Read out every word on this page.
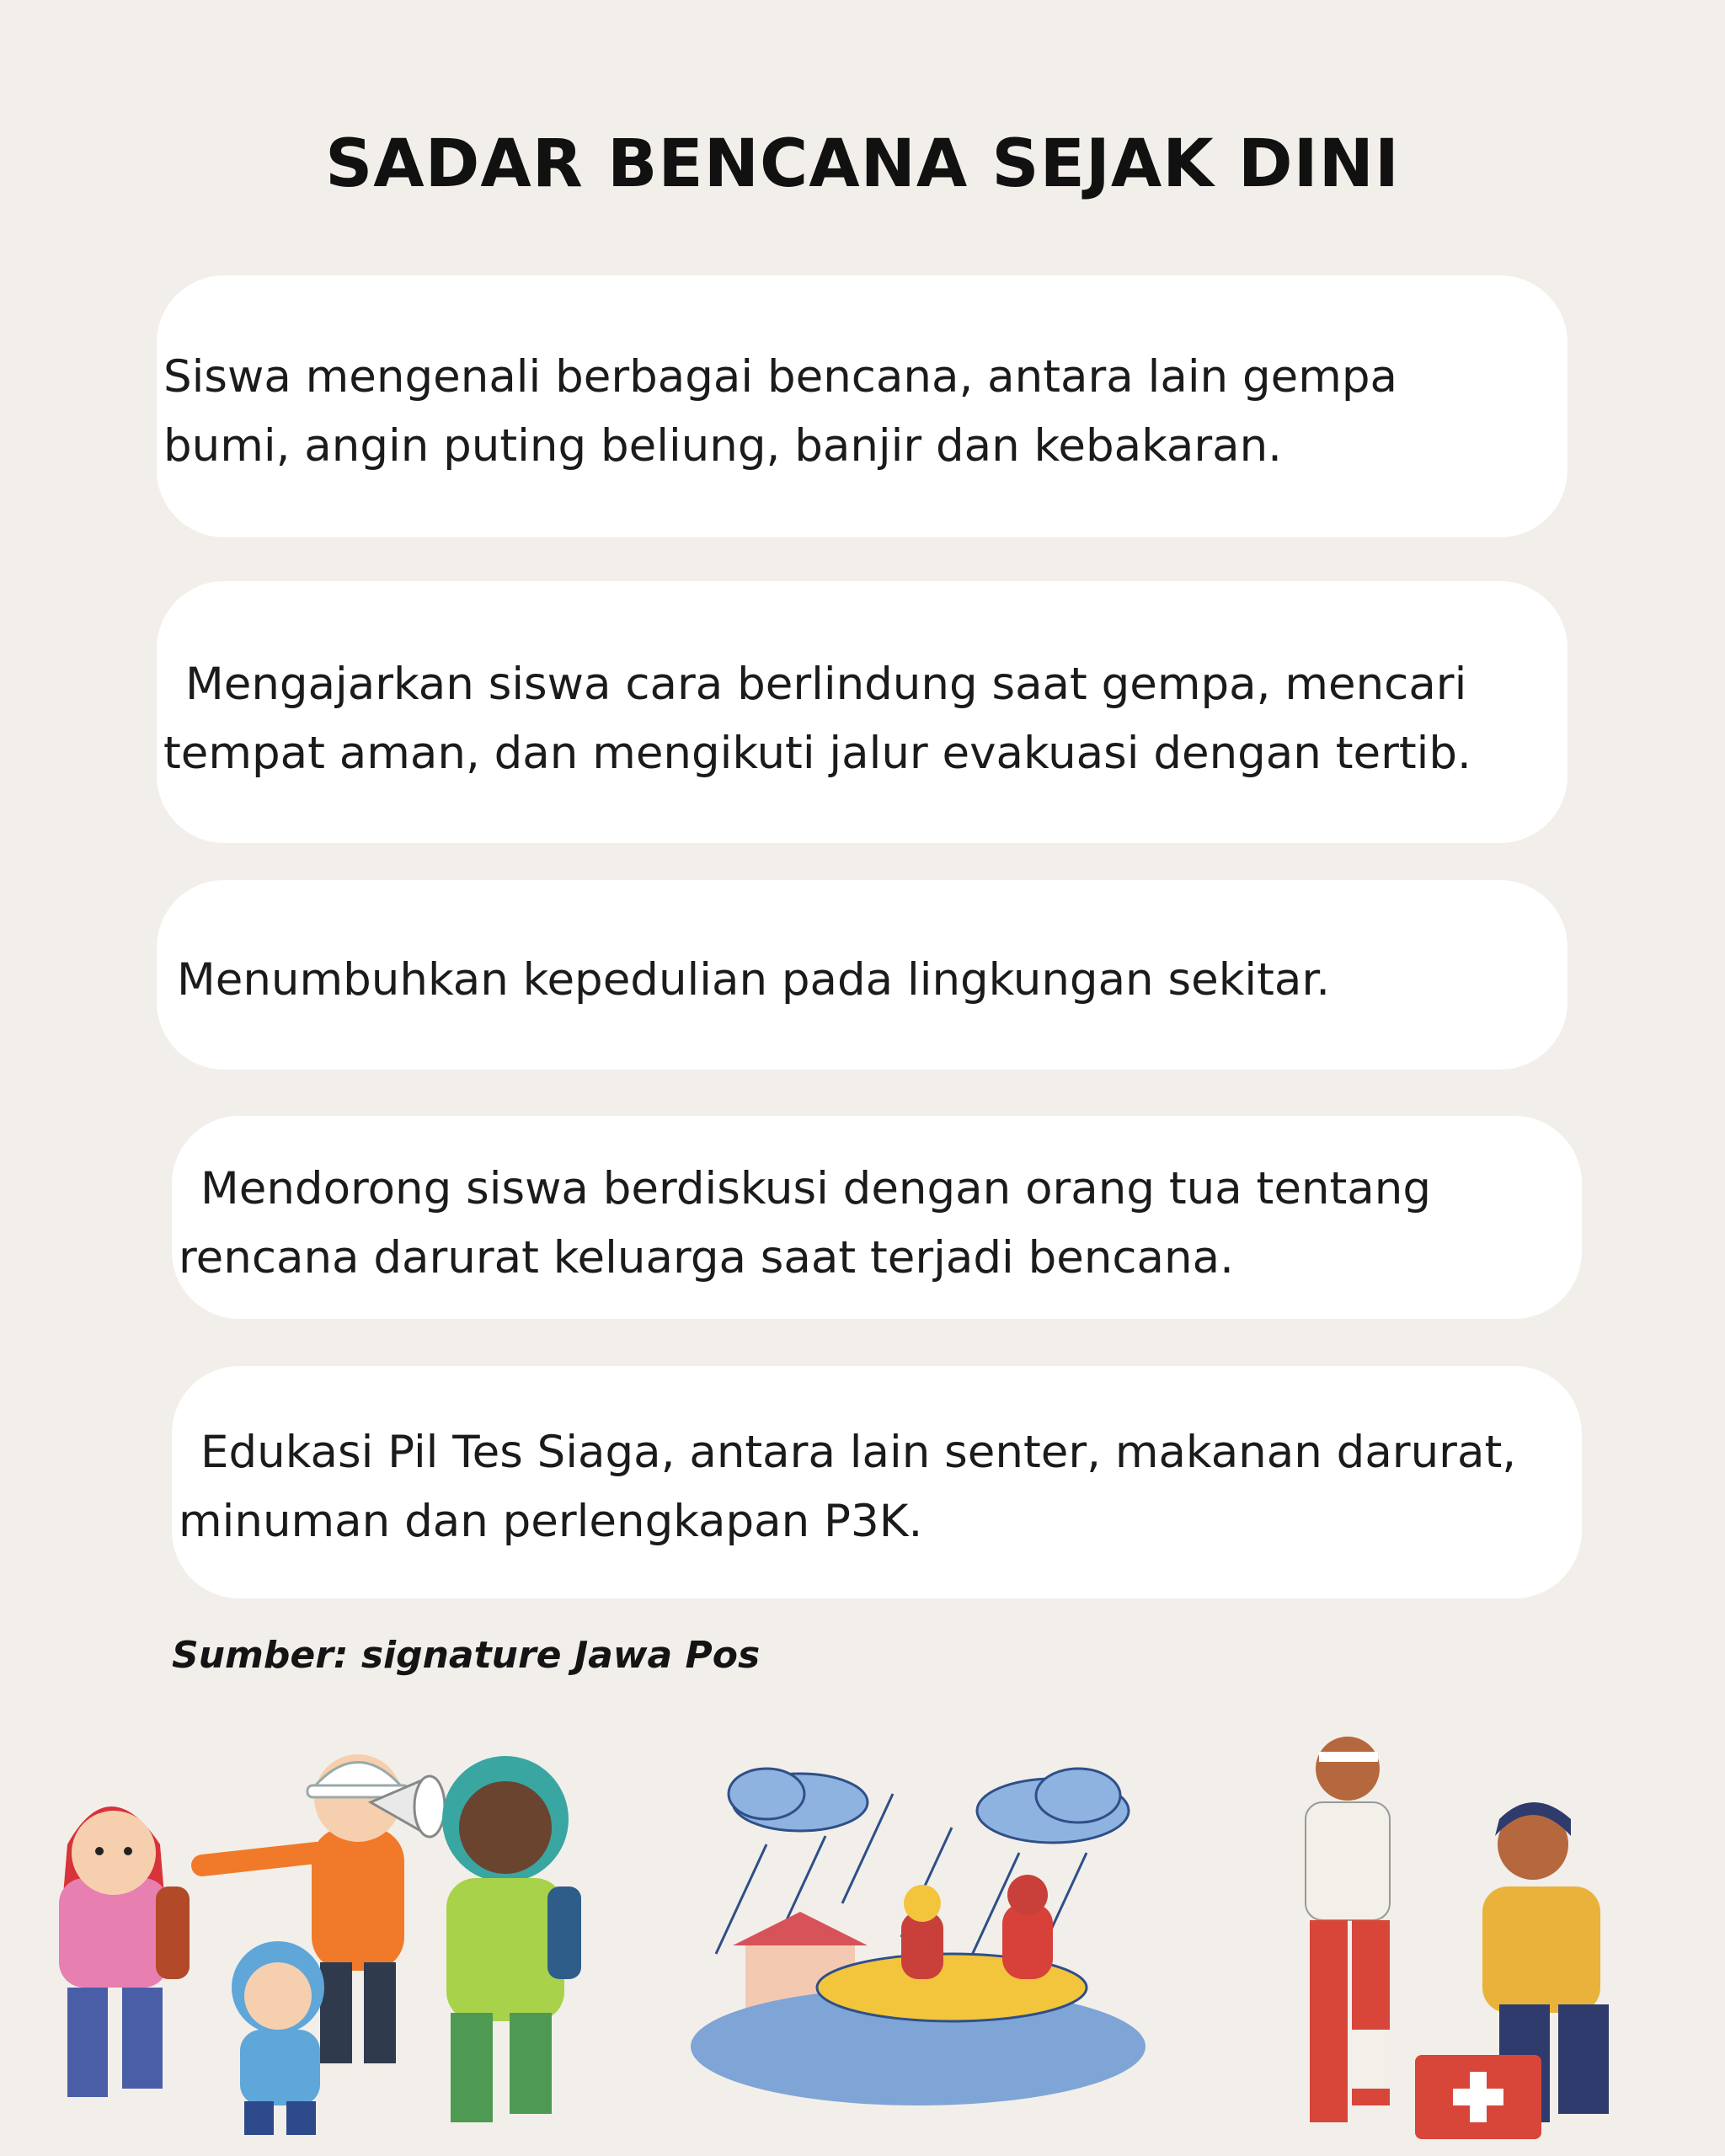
SADAR BENCANA SEJAK DINI

Siswa mengenali berbagai bencana, antara lain gempa

bumi, angin puting beliung, banjir dan kebakaran.

Mengajarkan siswa cara berlindung saat gempa, mencari

tempat aman, dan mengikuti jalur evakuasi dengan tertib.

Menumbuhkan kepedulian pada lingkungan sekitar.

Mendorong siswa berdiskusi dengan orang tua tentang

rencana darurat keluarga saat terjadi bencana.

Edukasi Pil Tes Siaga, antara lain senter, makanan darurat,

minuman dan perlengkapan P3K.

Sumber: signature Jawa Pos
